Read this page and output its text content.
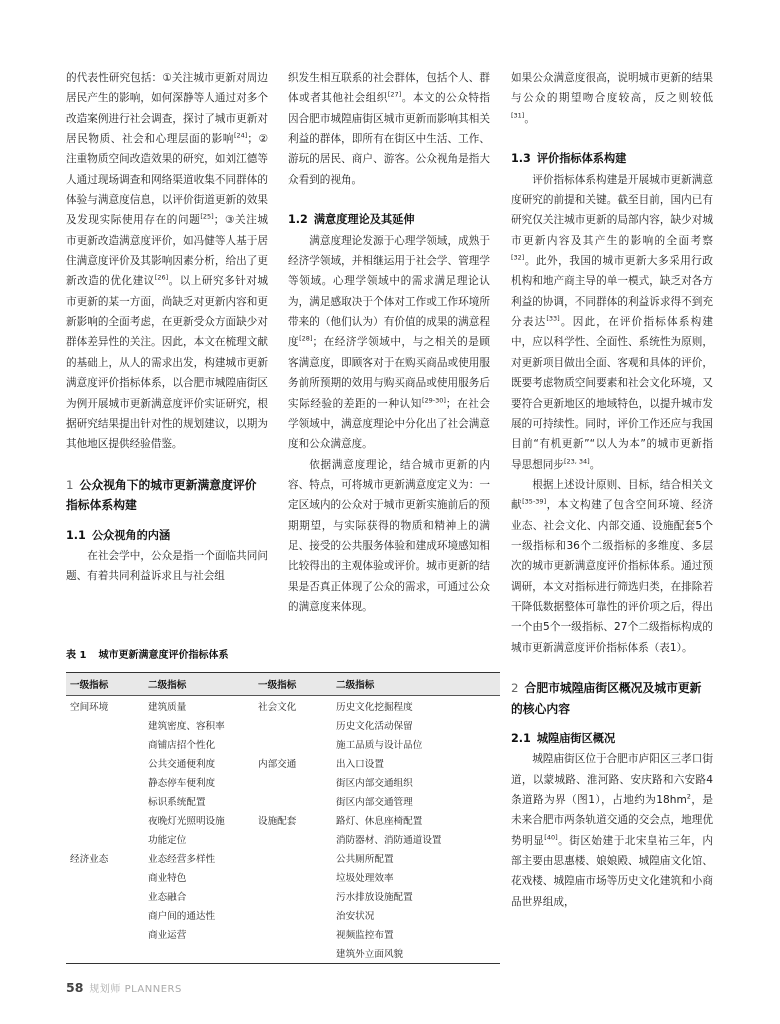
的代表性研究包括：①关注城市更新对周边居民产生的影响，如何深静等人通过对多个改造案例进行社会调查，探讨了城市更新对居民物质、社会和心理层面的影响[24]；②注重物质空间改造效果的研究，如刘江德等人通过现场调查和网络渠道收集不同群体的体验与满意度信息，以评价街道更新的效果及发现实际使用存在的问题[25]；③关注城市更新改造满意度评价，如冯健等人基于居住满意度评价及其影响因素分析，给出了更新改造的优化建议[26]。以上研究多针对城市更新的某一方面，尚缺乏对更新内容和更新影响的全面考虑，在更新受众方面缺少对群体差异性的关注。因此，本文在梳理文献的基础上，从人的需求出发，构建城市更新满意度评价指标体系，以合肥市城隍庙街区为例开展城市更新满意度评价实证研究，根据研究结果提出针对性的规划建议，以期为其他地区提供经验借鉴。

1 公众视角下的城市更新满意度评价指标体系构建
1.1 公众视角的内涵

在社会学中，公众是指一个面临共同问题、有着共同利益诉求且与社会组

织发生相互联系的社会群体，包括个人、群体或者其他社会组织[27]。本文的公众特指因合肥市城隍庙街区城市更新而影响其相关利益的群体，即所有在街区中生活、工作、游玩的居民、商户、游客。公众视角是指大众看到的视角。

1.2 满意度理论及其延伸

满意度理论发源于心理学领域，成熟于经济学领域，并相继运用于社会学、管理学等领域。心理学领域中的需求满足理论认为，满足感取决于个体对工作或工作环境所带来的（他们认为）有价值的成果的满意程度[28]；在经济学领域中，与之相关的是顾客满意度，即顾客对于在购买商品或使用服务前所预期的效用与购买商品或使用服务后实际经验的差距的一种认知[29-30]；在社会学领域中，满意度理论中分化出了社会满意度和公众满意度。

依据满意度理论，结合城市更新的内容、特点，可将城市更新满意度定义为：一定区域内的公众对于城市更新实施前后的预期期望，与实际获得的物质和精神上的满足、接受的公共服务体验和建成环境感知相比较得出的主观体验或评价。城市更新的结果是否真正体现了公众的需求，可通过公众的满意度来体现。

如果公众满意度很高，说明城市更新的结果与公众的期望吻合度较高，反之则较低[31]。

1.3 评价指标体系构建

评价指标体系构建是开展城市更新满意度研究的前提和关键。截至目前，国内已有研究仅关注城市更新的局部内容，缺少对城市更新内容及其产生的影响的全面考察[32]。此外，我国的城市更新大多采用行政机构和地产商主导的单一模式，缺乏对各方利益的协调，不同群体的利益诉求得不到充分表达[33]。因此，在评价指标体系构建中，应以科学性、全面性、系统性为原则，对更新项目做出全面、客观和具体的评价，既要考虑物质空间要素和社会文化环境，又要符合更新地区的地域特色，以提升城市发展的可持续性。同时，评价工作还应与我国目前“有机更新”“以人为本”的城市更新指导思想同步[23, 34]。

根据上述设计原则、目标，结合相关文献[35-39]，本文构建了包含空间环境、经济业态、社会文化、内部交通、设施配套5个一级指标和36个二级指标的多维度、多层次的城市更新满意度评价指标体系。通过预调研，本文对指标进行筛选归类，在排除若干降低数据整体可靠性的评价项之后，得出一个由5个一级指标、27个二级指标构成的城市更新满意度评价指标体系（表1）。

2 合肥市城隍庙街区概况及城市更新的核心内容
2.1 城隍庙街区概况

城隍庙街区位于合肥市庐阳区三孝口街道，以蒙城路、淮河路、安庆路和六安路4条道路为界（图1），占地约为$18hm^2$，是未来合肥市两条轨道交通的交会点，地理优势明显[40]。街区始建于北宋皇祐三年，内部主要由思惠楼、娘娘殿、城隍庙文化馆、花戏楼、城隍庙市场等历史文化建筑和小商品世界组成，

表 1 城市更新满意度评价指标体系
一级指标	二级指标	一级指标	二级指标
空间环境	建筑质量	社会文化	历史文化挖掘程度
	建筑密度、容积率		历史文化活动保留
	商铺店招个性化		施工品质与设计品位
	公共交通便利度	内部交通	出入口设置
	静态停车便利度		街区内部交通组织
	标识系统配置		街区内部交通管理
	夜晚灯光照明设施	设施配套	路灯、休息座椅配置
	功能定位		消防器材、消防通道设置
经济业态	业态经营多样性		公共厕所配置
	商业特色		垃圾处理效率
	业态融合		污水排放设施配置
	商户间的通达性		治安状况
	商业运营		视频监控布置
			建筑外立面风貌
58 规划师 PLANNERS
